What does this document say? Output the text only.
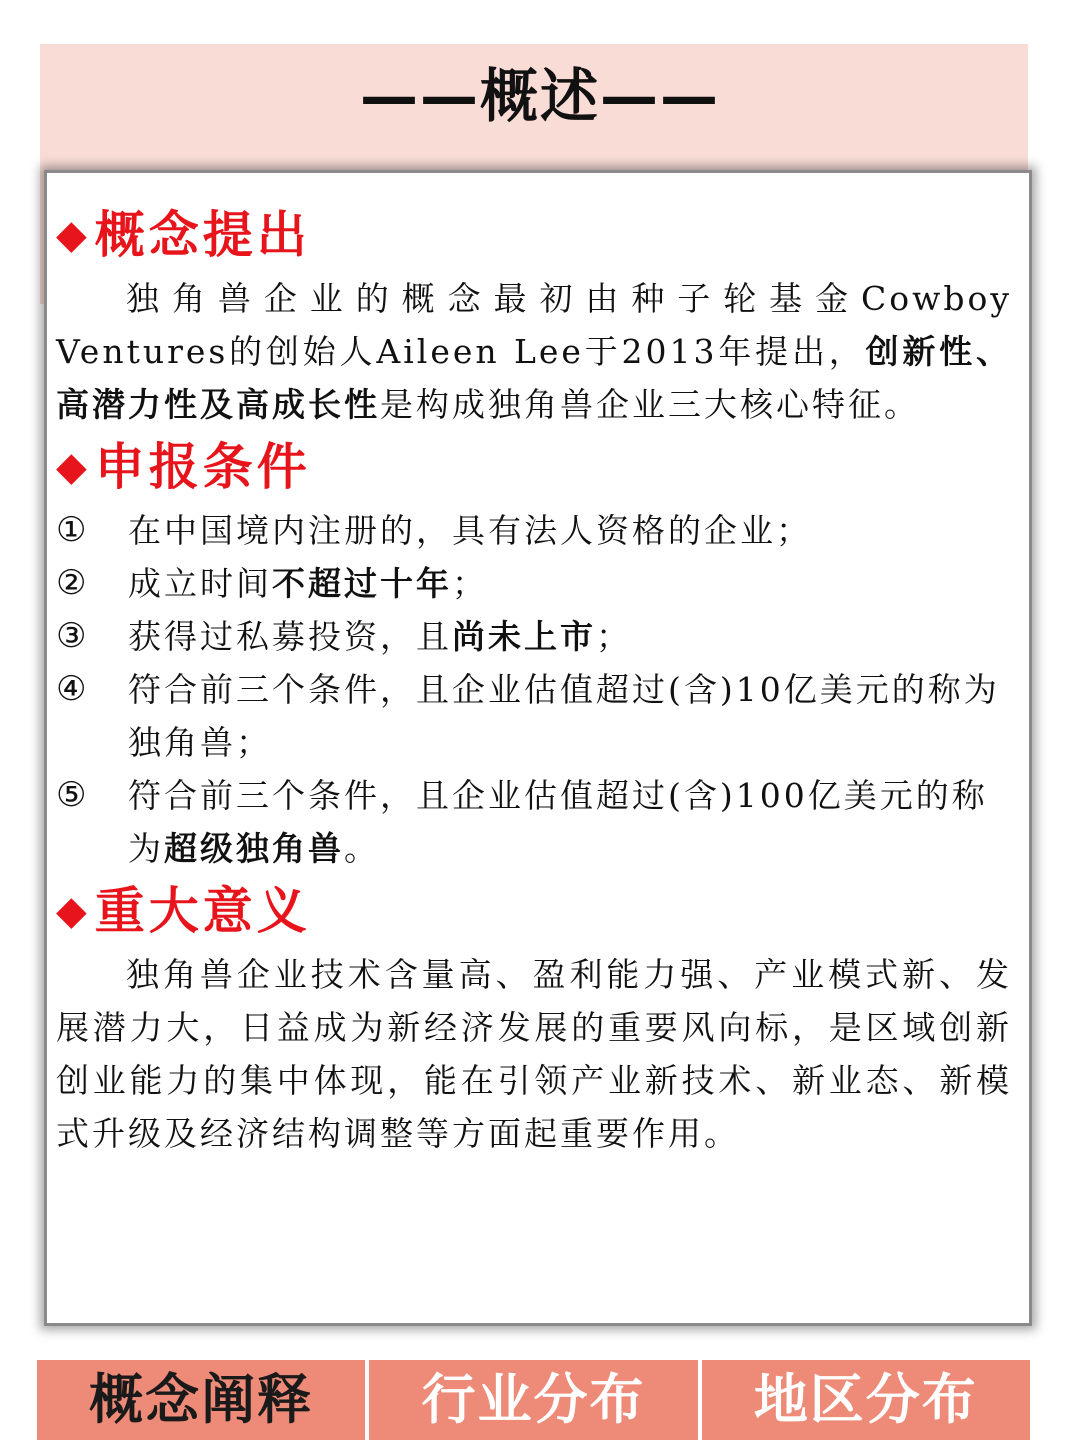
——概述——
◆概念提出
独角兽企业的概念最初由种子轮基金Cowboy Ventures的创始人Aileen Lee于2013年提出，创新性、高潜力性及高成长性是构成独角兽企业三大核心特征。
◆申报条件
①	在中国境内注册的，具有法人资格的企业；
②	成立时间不超过十年；
③	获得过私募投资，且尚未上市；
④	符合前三个条件，且企业估值超过(含)10亿美元的称为独角兽；
⑤	符合前三个条件，且企业估值超过(含)100亿美元的称为超级独角兽。
◆重大意义
独角兽企业技术含量高、盈利能力强、产业模式新、发展潜力大，日益成为新经济发展的重要风向标，是区域创新创业能力的集中体现，能在引领产业新技术、新业态、新模式升级及经济结构调整等方面起重要作用。
概念阐释	行业分布	地区分布
